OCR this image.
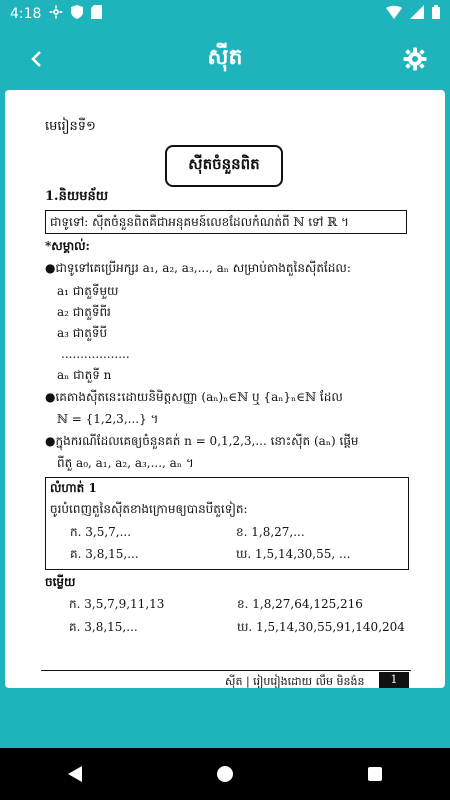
4:18
ស៊ីត
មេរៀនទី១
ស៊ីតចំនួនពិត
1.និយមន័យ
ជាទូទៅ: ស៊ីតចំនួនពិតគឺជាអនុគមន៍លេខដែលកំណត់ពី ℕ ទៅ ℝ ។
*សម្គាល់:
●ជាទូទៅគេប្រើអក្សរ a₁, a₂, a₃,..., aₙ សម្រាប់តាងតួនៃស៊ីតដែល:
a₁ ជាតួទីមួយ
a₂ ជាតួទីពីរ
a₃ ជាតួទីបី
..................
aₙ ជាតួទី n
●គេតាងស៊ីតនេះដោយនិមិត្តសញ្ញា (aₙ)ₙ∈ℕ ឬ {aₙ}ₙ∈ℕ ដែល
ℕ = {1,2,3,...} ។
●ក្នុងករណីដែលគេឲ្យចំនួនគត់ n = 0,1,2,3,... នោះស៊ីត (aₙ) ផ្តើម
ពីតួ a₀, a₁, a₂, a₃,..., aₙ ។
លំហាត់ 1
ចូរបំពេញតួនៃស៊ីតខាងក្រោមឲ្យបានបីតួទៀត:
ក. 3,5,7,...	ខ. 1,8,27,...
គ. 3,8,15,...	ឃ. 1,5,14,30,55, ...
ចម្លើយ
ក. 3,5,7,9,11,13	ខ. 1,8,27,64,125,216
គ. 3,8,15,...	ឃ. 1,5,14,30,55,91,140,204
ស៊ីត | រៀបរៀងដោយ លឹម មិនង៉ន	1
